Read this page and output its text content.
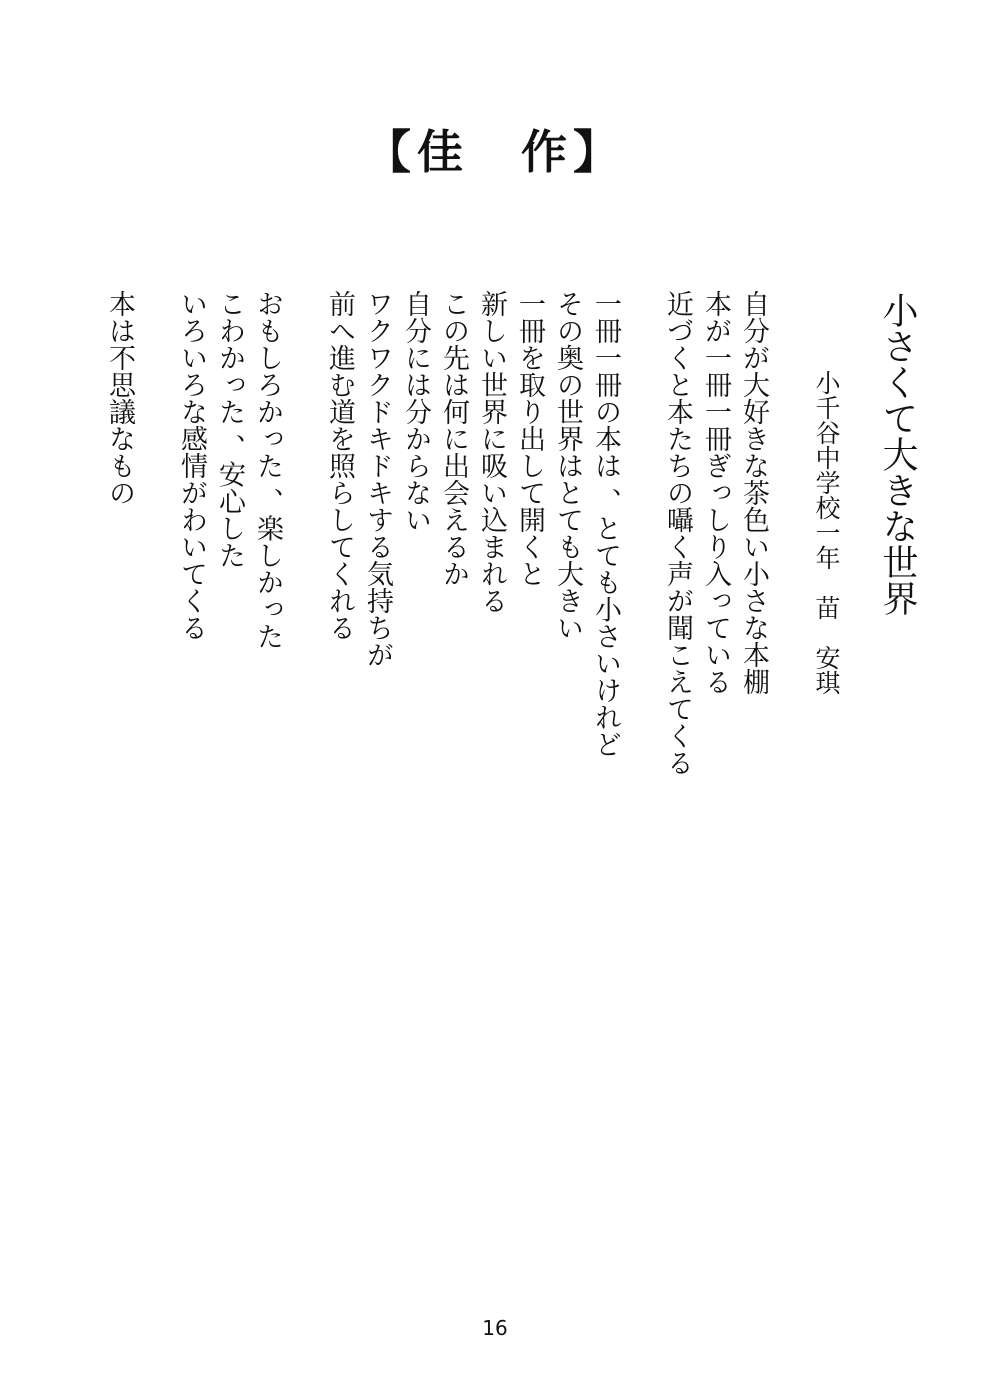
【佳　作】
小さくて大きな世界
小千谷中学校一年　苗　安琪
自分が大好きな茶色い小さな本棚
本が一冊一冊ぎっしり入っている
近づくと本たちの囁く声が聞こえてくる
一冊一冊の本は 、とても小さいけれど
その奥の世界はとても大きい
一冊を取り出して開くと
新しい世界に吸い込まれる
この先は何に出会えるか
自分には分からない
ワクワクドキドキする気持ちが
前へ進む道を照らしてくれる
おもしろかった 、楽しかった
こわかった 、安心した
いろいろな感情がわいてくる
本は不思議なもの
16
